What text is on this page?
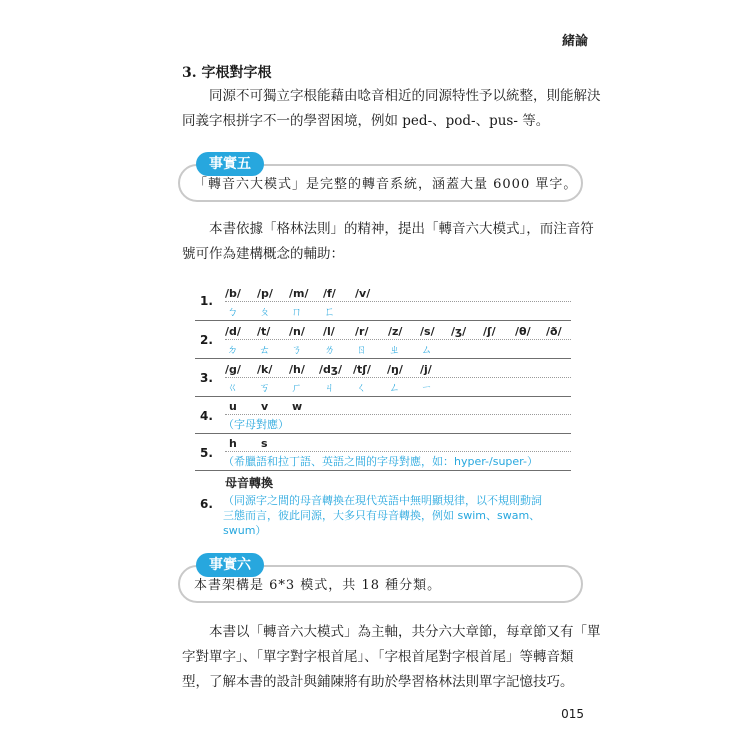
緒論
3. 字根對字根
同源不可獨立字根能藉由唸音相近的同源特性予以統整，則能解決
同義字根拼字不一的學習困境，例如 ped-、pod-、pus- 等。
「轉音六大模式」是完整的轉音系統，涵蓋大量 6000 單字。
事實五
本書依據「格林法則」的精神，提出「轉音六大模式」，而注音符
號可作為建構概念的輔助：
1.
/b/ /p/ /m/ /f/ /v/
ㄅ ㄆ ㄇ ㄈ
2.
/d/ /t/ /n/ /l/ /r/ /z/ /s/ /ʒ/ /ʃ/ /θ/ /ð/
ㄉ ㄊ ㄋ ㄌ ㄖ ㄓ ㄙ
3.
/g/ /k/ /h/ /dʒ/ /tʃ/ /ŋ/ /j/
ㄍ ㄎ ㄏ ㄐ ㄑ ㄥ ㄧ
4.
u v w
（字母對應）
5.
h s
（希臘語和拉丁語、英語之間的字母對應，如：hyper-/super-）
6.
母音轉換
（同源字之間的母音轉換在現代英語中無明顯規律，以不規則動詞
三態而言，彼此同源，大多只有母音轉換，例如 swim、swam、
swum）
本書架構是 6*3 模式，共 18 種分類。
事實六
本書以「轉音六大模式」為主軸，共分六大章節，每章節又有「單
字對單字」、「單字對字根首尾」、「字根首尾對字根首尾」等轉音類
型，了解本書的設計與鋪陳將有助於學習格林法則單字記憶技巧。
015
